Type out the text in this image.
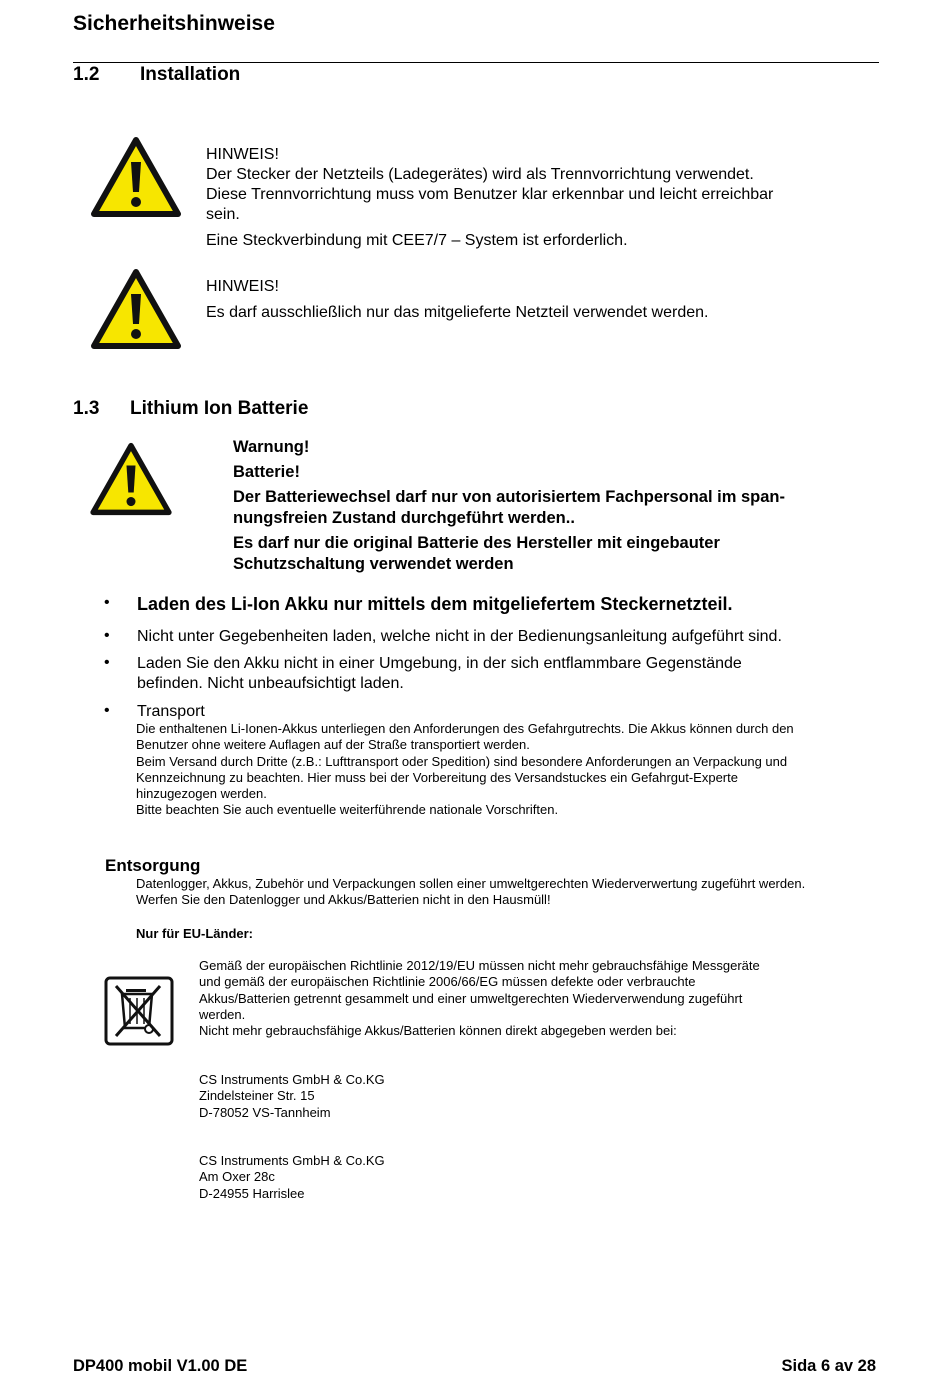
Sicherheitshinweise
1.2 Installation
HINWEIS!
Der Stecker der Netzteils (Ladegerätes) wird als Trennvorrichtung verwendet.
Diese Trennvorrichtung muss vom Benutzer klar erkennbar und leicht erreichbar
sein.
Eine Steckverbindung mit CEE7/7 – System ist erforderlich.
HINWEIS!
Es darf ausschließlich nur das mitgelieferte Netzteil verwendet werden.
1.3 Lithium Ion Batterie
Warnung!
Batterie!
Der Batteriewechsel darf nur von autorisiertem Fachpersonal im span-
nungsfreien Zustand durchgeführt werden..
Es darf nur die original Batterie des Hersteller mit eingebauter
Schutzschaltung verwendet werden
• Laden des Li-Ion Akku nur mittels dem mitgeliefertem Steckernetzteil.
• Nicht unter Gegebenheiten laden, welche nicht in der Bedienungsanleitung aufgeführt sind.
• Laden Sie den Akku nicht in einer Umgebung, in der sich entflammbare Gegenstände
befinden. Nicht unbeaufsichtigt laden.
• Transport
Die enthaltenen Li-Ionen-Akkus unterliegen den Anforderungen des Gefahrgutrechts. Die Akkus können durch den
Benutzer ohne weitere Auflagen auf der Straße transportiert werden.
Beim Versand durch Dritte (z.B.: Lufttransport oder Spedition) sind besondere Anforderungen an Verpackung und
Kennzeichnung zu beachten. Hier muss bei der Vorbereitung des Versandstuckes ein Gefahrgut-Experte
hinzugezogen werden.
Bitte beachten Sie auch eventuelle weiterführende nationale Vorschriften.
Entsorgung
Datenlogger, Akkus, Zubehör und Verpackungen sollen einer umweltgerechten Wiederverwertung zugeführt werden.
Werfen Sie den Datenlogger und Akkus/Batterien nicht in den Hausmüll!
Nur für EU-Länder:
Gemäß der europäischen Richtlinie 2012/19/EU müssen nicht mehr gebrauchsfähige Messgeräte
und gemäß der europäischen Richtlinie 2006/66/EG müssen defekte oder verbrauchte
Akkus/Batterien getrennt gesammelt und einer umweltgerechten Wiederverwendung zugeführt
werden.
Nicht mehr gebrauchsfähige Akkus/Batterien können direkt abgegeben werden bei:
CS Instruments GmbH & Co.KG
Zindelsteiner Str. 15
D-78052 VS-Tannheim
CS Instruments GmbH & Co.KG
Am Oxer 28c
D-24955 Harrislee
DP400 mobil V1.00 DE	Sida 6 av 28
